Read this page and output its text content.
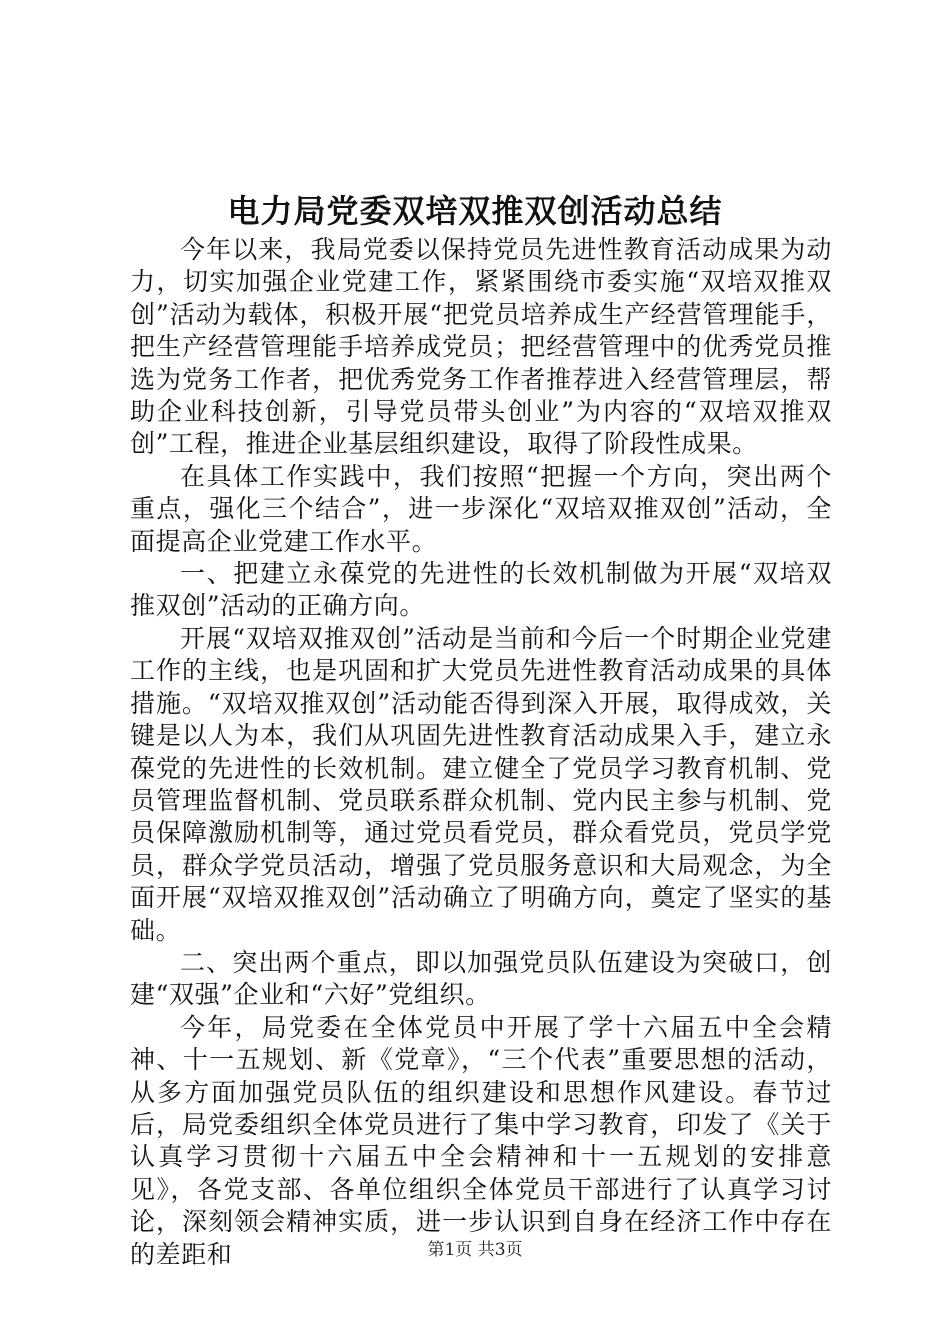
电力局党委双培双推双创活动总结

今年以来，我局党委以保持党员先进性教育活动成果为动力，切实加强企业党建工作，紧紧围绕市委实施“双培双推双创”活动为载体，积极开展“把党员培养成生产经营管理能手，把生产经营管理能手培养成党员；把经营管理中的优秀党员推选为党务工作者，把优秀党务工作者推荐进入经营管理层，帮助企业科技创新，引导党员带头创业”为内容的“双培双推双创”工程，推进企业基层组织建设，取得了阶段性成果。

在具体工作实践中，我们按照“把握一个方向，突出两个重点，强化三个结合”，进一步深化“双培双推双创”活动，全面提高企业党建工作水平。

一、把建立永葆党的先进性的长效机制做为开展“双培双推双创”活动的正确方向。

开展“双培双推双创”活动是当前和今后一个时期企业党建工作的主线，也是巩固和扩大党员先进性教育活动成果的具体措施。“双培双推双创”活动能否得到深入开展，取得成效，关键是以人为本，我们从巩固先进性教育活动成果入手，建立永葆党的先进性的长效机制。建立健全了党员学习教育机制、党员管理监督机制、党员联系群众机制、党内民主参与机制、党员保障激励机制等，通过党员看党员，群众看党员，党员学党员，群众学党员活动，增强了党员服务意识和大局观念，为全面开展“双培双推双创”活动确立了明确方向，奠定了坚实的基础。

二、突出两个重点，即以加强党员队伍建设为突破口，创建“双强”企业和“六好”党组织。

今年，局党委在全体党员中开展了学十六届五中全会精神、十一五规划、新《党章》，“三个代表”重要思想的活动，从多方面加强党员队伍的组织建设和思想作风建设。春节过后，局党委组织全体党员进行了集中学习教育，印发了《关于认真学习贯彻十六届五中全会精神和十一五规划的安排意见》，各党支部、各单位组织全体党员干部进行了认真学习讨论，深刻领会精神实质，进一步认识到自身在经济工作中存在的差距和	第1页 共3页
